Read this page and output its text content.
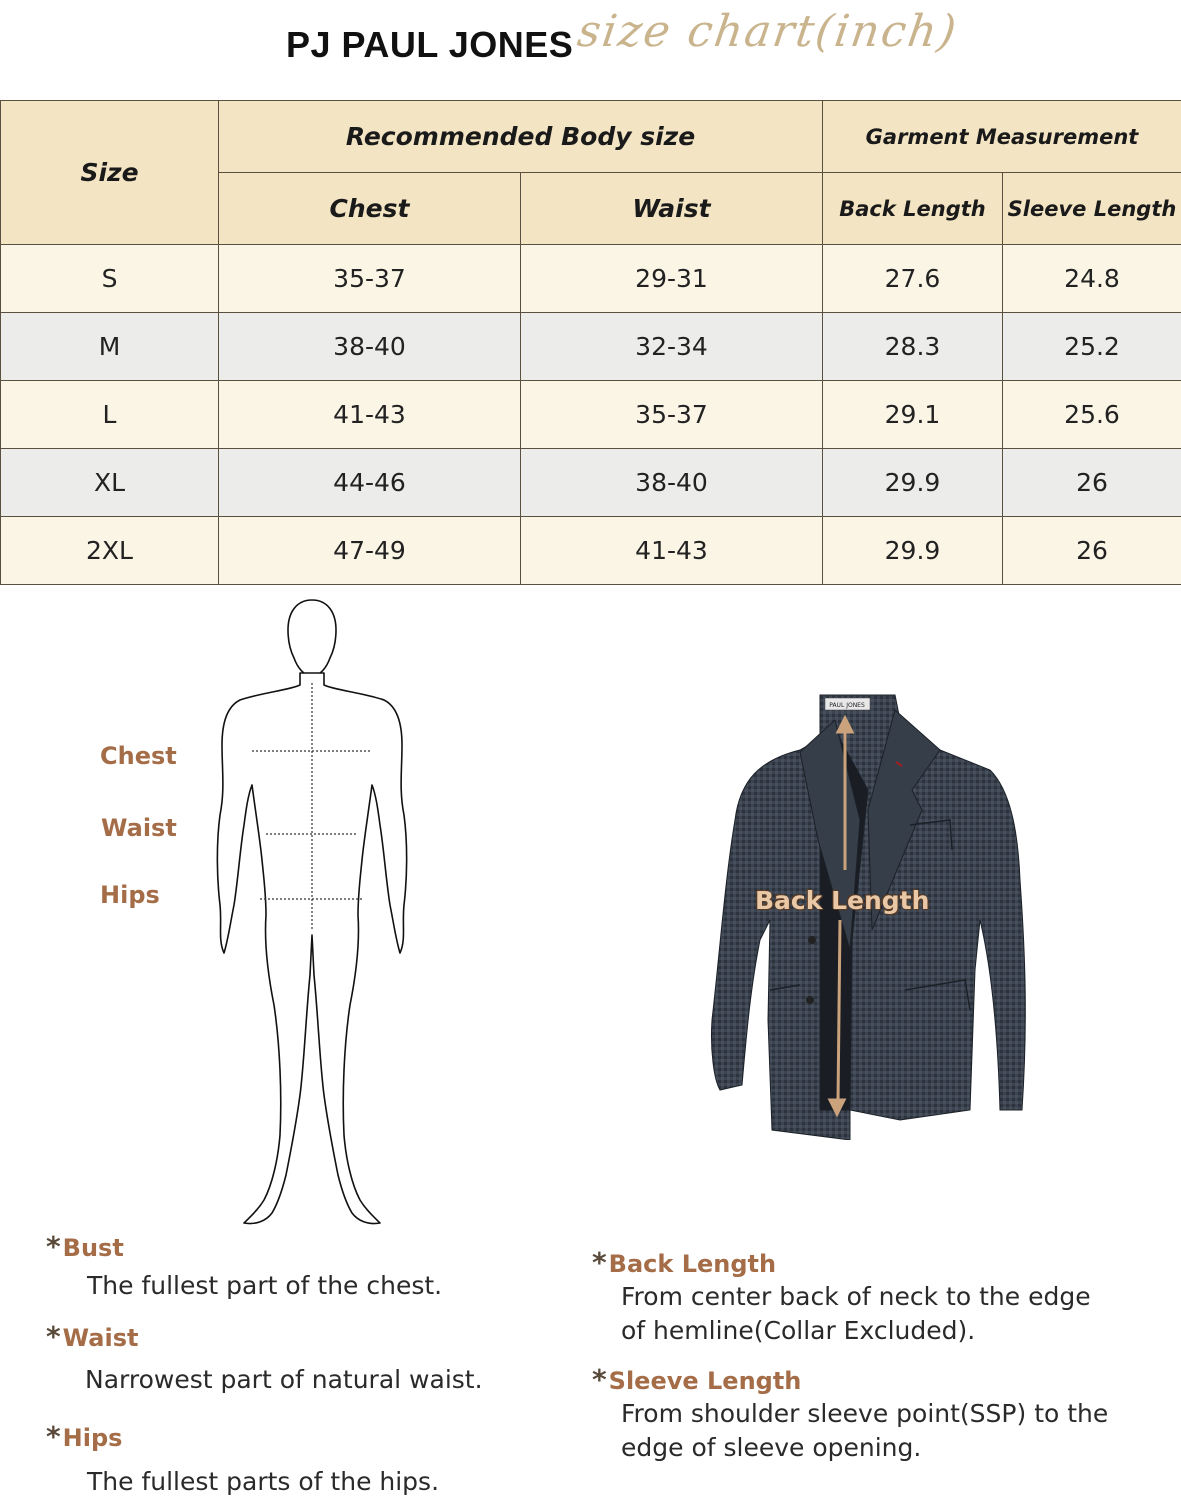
PJ PAUL JONES size chart(inch)
Size	Recommended Body size		Garment Measurement	
	Chest	Waist	Back Length	Sleeve Length
S	35-37	29-31	27.6	24.8
M	38-40	32-34	28.3	25.2
L	41-43	35-37	29.1	25.6
XL	44-46	38-40	29.9	26
2XL	47-49	41-43	29.9	26
Chest
Waist
Hips
PAUL JONES
Back Length
*Bust
The fullest part of the chest.
*Waist
Narrowest part of natural waist.
*Hips
The fullest parts of the hips.
*Back Length
From center back of neck to the edge
of hemline(Collar Excluded).
*Sleeve Length
From shoulder sleeve point(SSP) to the
edge of sleeve opening.
